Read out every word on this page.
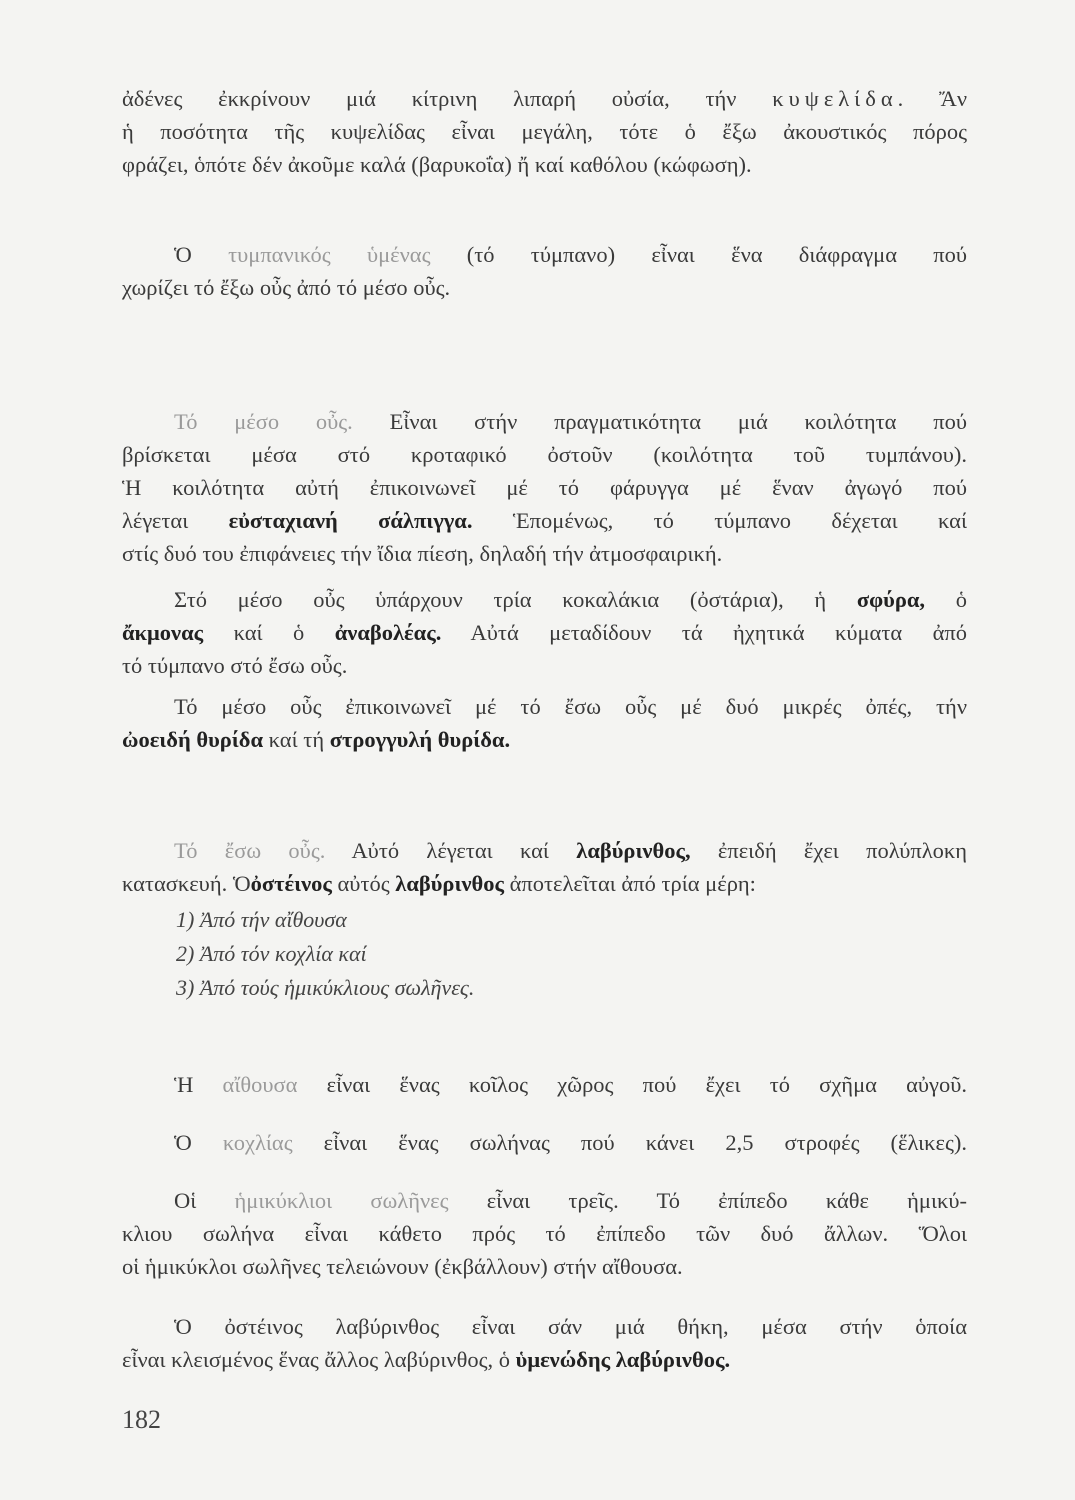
ἀδένες ἐκκρίνουν μιά κίτρινη λιπαρή οὐσία, τήν κυψελίδα. Ἄν

ἡ ποσότητα τῆς κυψελίδας εἶναι μεγάλη, τότε ὁ ἔξω ἀκουστικός πόρος

φράζει, ὁπότε δέν ἀκοῦμε καλά (βαρυκοΐα) ἤ καί καθόλου (κώφωση).

Ὁ τυμπανικός ὑμένας (τό τύμπανο) εἶναι ἕνα διάφραγμα πού

χωρίζει τό ἔξω οὖς ἀπό τό μέσο οὖς.

Τό μέσο οὖς. Εἶναι στήν πραγματικότητα μιά κοιλότητα πού

βρίσκεται μέσα στό κροταφικό ὀστοῦν (κοιλότητα τοῦ τυμπάνου).

Ἡ κοιλότητα αὐτή ἐπικοινωνεῖ μέ τό φάρυγγα μέ ἕναν ἀγωγό πού

λέγεται εὐσταχιανή σάλπιγγα. Ἑπομένως, τό τύμπανο δέχεται καί

στίς δυό του ἐπιφάνειες τήν ἴδια πίεση, δηλαδή τήν ἀτμοσφαιρική.

Στό μέσο οὖς ὑπάρχουν τρία κοκαλάκια (ὀστάρια), ἡ σφύρα, ὁ

ἄκμονας καί ὁ ἀναβολέας. Αὐτά μεταδίδουν τά ἠχητικά κύματα ἀπό

τό τύμπανο στό ἔσω οὖς.

Τό μέσο οὖς ἐπικοινωνεῖ μέ τό ἔσω οὖς μέ δυό μικρές ὀπές, τήν

ὠοειδή θυρίδα καί τή στρογγυλή θυρίδα.

Τό ἔσω οὖς. Αὐτό λέγεται καί λαβύρινθος, ἐπειδή ἔχει πολύπλοκη

κατασκευή. Ὁὀστέινος αὐτός λαβύρινθος ἀποτελεῖται ἀπό τρία μέρη:

1) Ἀπό τήν αἴθουσα

2) Ἀπό τόν κοχλία καί

3) Ἀπό τούς ἡμικύκλιους σωλῆνες.

Ἡ αἴθουσα εἶναι ἕνας κοῖλος χῶρος πού ἔχει τό σχῆμα αὐγοῦ.

Ὁ κοχλίας εἶναι ἕνας σωλήνας πού κάνει 2,5 στροφές (ἕλικες).

Οἱ ἡμικύκλιοι σωλῆνες εἶναι τρεῖς. Τό ἐπίπεδο κάθε ἡμικύ-

κλιου σωλήνα εἶναι κάθετο πρός τό ἐπίπεδο τῶν δυό ἄλλων. Ὅλοι

οἱ ἡμικύκλοι σωλῆνες τελειώνουν (ἐκβάλλουν) στήν αἴθουσα.

Ὁ ὀστέινος λαβύρινθος εἶναι σάν μιά θήκη, μέσα στήν ὁποία

εἶναι κλεισμένος ἕνας ἄλλος λαβύρινθος, ὁ ὑμενώδης λαβύρινθος.

182
